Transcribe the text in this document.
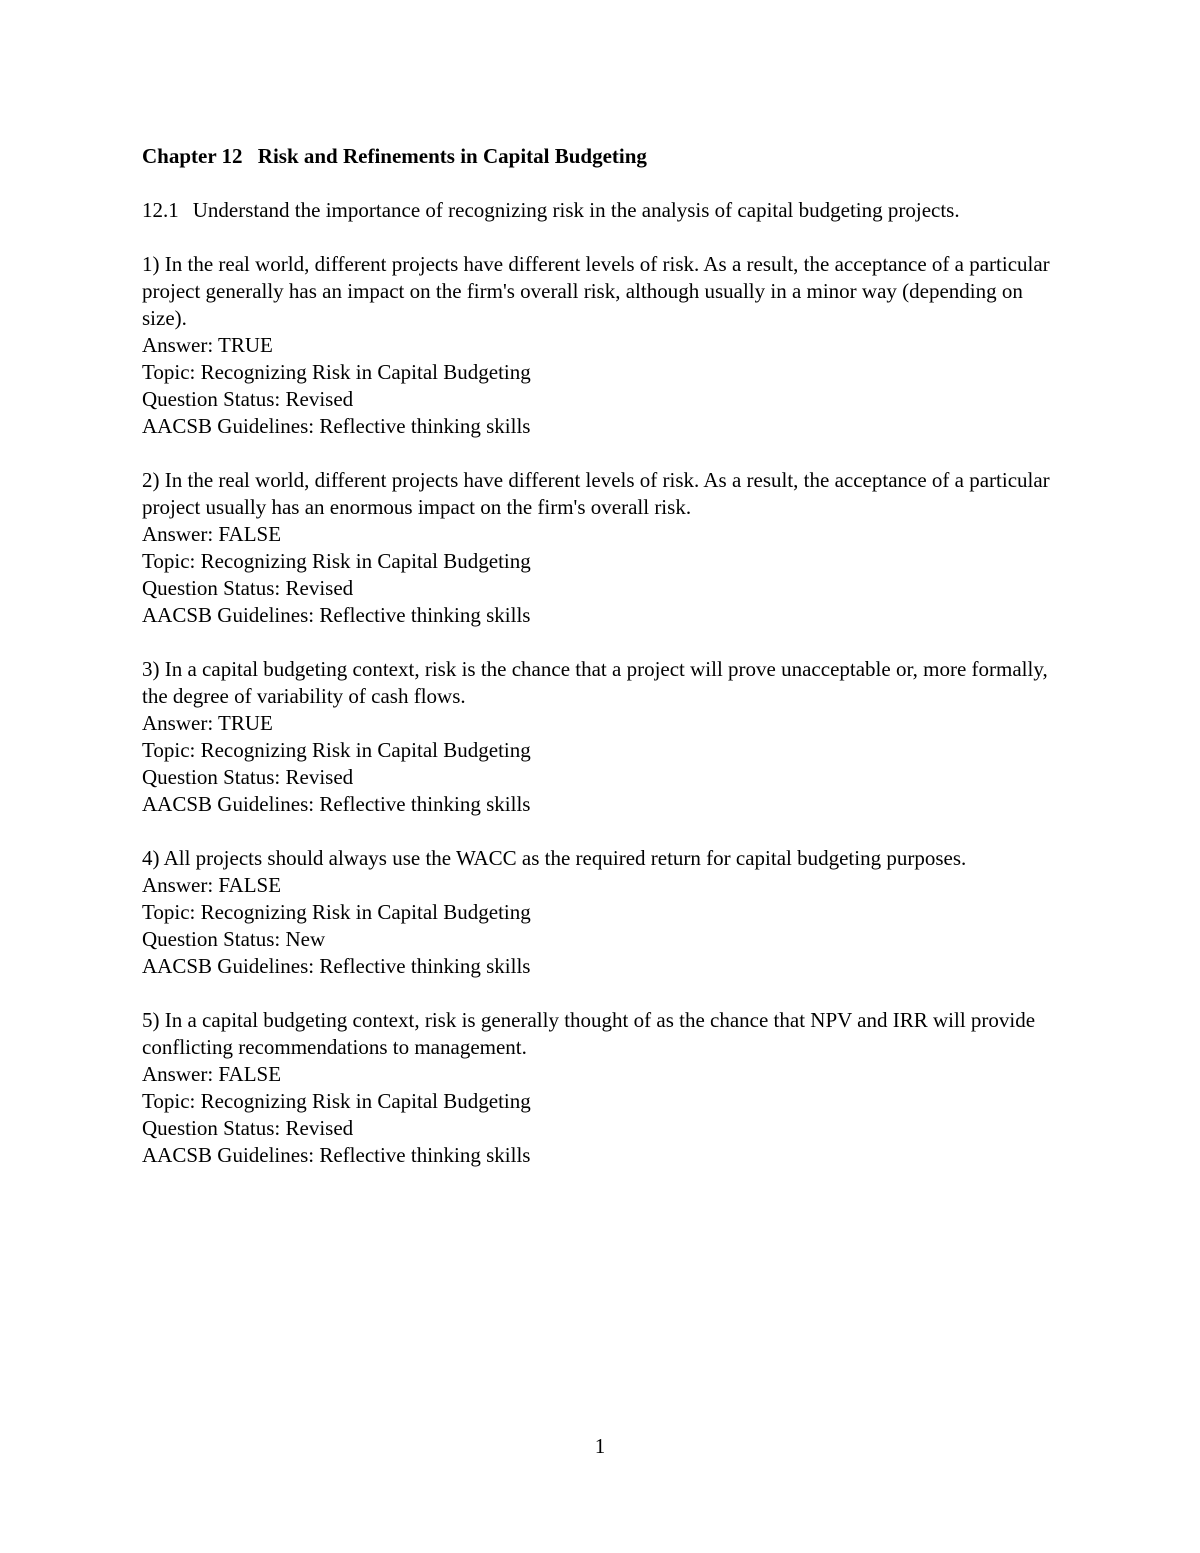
Chapter 12 Risk and Refinements in Capital Budgeting
12.1 Understand the importance of recognizing risk in the analysis of capital budgeting projects.
1) In the real world, different projects have different levels of risk. As a result, the acceptance of a particular project generally has an impact on the firm's overall risk, although usually in a minor way (depending on size).
Answer: TRUE
Topic: Recognizing Risk in Capital Budgeting
Question Status: Revised
AACSB Guidelines: Reflective thinking skills
2) In the real world, different projects have different levels of risk. As a result, the acceptance of a particular project usually has an enormous impact on the firm's overall risk.
Answer: FALSE
Topic: Recognizing Risk in Capital Budgeting
Question Status: Revised
AACSB Guidelines: Reflective thinking skills
3) In a capital budgeting context, risk is the chance that a project will prove unacceptable or, more formally, the degree of variability of cash flows.
Answer: TRUE
Topic: Recognizing Risk in Capital Budgeting
Question Status: Revised
AACSB Guidelines: Reflective thinking skills
4) All projects should always use the WACC as the required return for capital budgeting purposes.
Answer: FALSE
Topic: Recognizing Risk in Capital Budgeting
Question Status: New
AACSB Guidelines: Reflective thinking skills
5) In a capital budgeting context, risk is generally thought of as the chance that NPV and IRR will provide conflicting recommendations to management.
Answer: FALSE
Topic: Recognizing Risk in Capital Budgeting
Question Status: Revised
AACSB Guidelines: Reflective thinking skills
1
